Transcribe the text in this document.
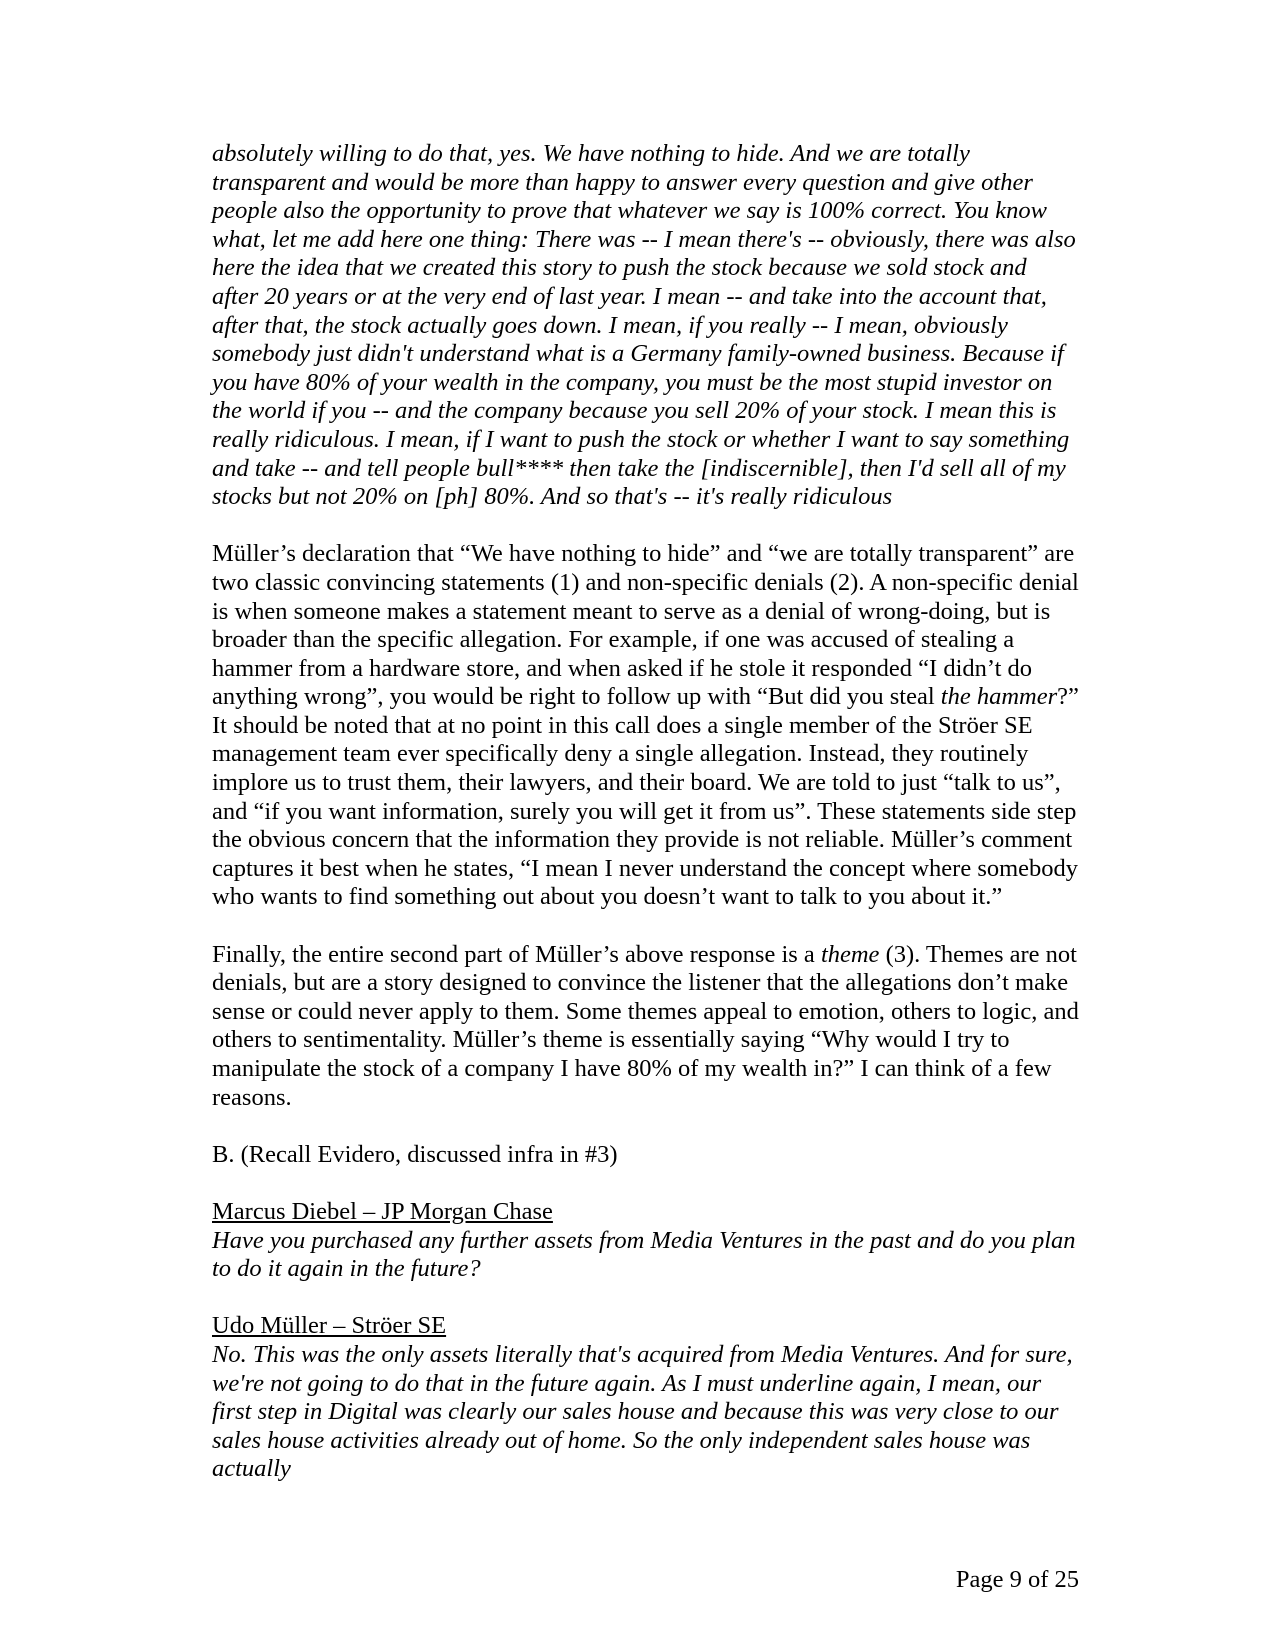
absolutely willing to do that, yes. We have nothing to hide. And we are totally transparent and would be more than happy to answer every question and give other people also the opportunity to prove that whatever we say is 100% correct. You know what, let me add here one thing: There was -- I mean there's -- obviously, there was also here the idea that we created this story to push the stock because we sold stock and after 20 years or at the very end of last year. I mean -- and take into the account that, after that, the stock actually goes down. I mean, if you really -- I mean, obviously somebody just didn't understand what is a Germany family-owned business. Because if you have 80% of your wealth in the company, you must be the most stupid investor on the world if you -- and the company because you sell 20% of your stock. I mean this is really ridiculous. I mean, if I want to push the stock or whether I want to say something and take -- and tell people bull**** then take the [indiscernible], then I'd sell all of my stocks but not 20% on [ph] 80%. And so that's -- it's really ridiculous

Müller’s declaration that “We have nothing to hide” and “we are totally transparent” are two classic convincing statements (1) and non-specific denials (2). A non-specific denial is when someone makes a statement meant to serve as a denial of wrong-doing, but is broader than the specific allegation. For example, if one was accused of stealing a hammer from a hardware store, and when asked if he stole it responded “I didn’t do anything wrong”, you would be right to follow up with “But did you steal the hammer?” It should be noted that at no point in this call does a single member of the Ströer SE management team ever specifically deny a single allegation. Instead, they routinely implore us to trust them, their lawyers, and their board. We are told to just “talk to us”, and “if you want information, surely you will get it from us”. These statements side step the obvious concern that the information they provide is not reliable. Müller’s comment captures it best when he states, “I mean I never understand the concept where somebody who wants to find something out about you doesn’t want to talk to you about it.”

Finally, the entire second part of Müller’s above response is a theme (3). Themes are not denials, but are a story designed to convince the listener that the allegations don’t make sense or could never apply to them. Some themes appeal to emotion, others to logic, and others to sentimentality. Müller’s theme is essentially saying “Why would I try to manipulate the stock of a company I have 80% of my wealth in?” I can think of a few reasons.

B. (Recall Evidero, discussed infra in #3)

Marcus Diebel – JP Morgan Chase

Have you purchased any further assets from Media Ventures in the past and do you plan to do it again in the future?

Udo Müller – Ströer SE

No. This was the only assets literally that's acquired from Media Ventures. And for sure, we're not going to do that in the future again. As I must underline again, I mean, our first step in Digital was clearly our sales house and because this was very close to our sales house activities already out of home. So the only independent sales house was actually

Page 9 of 25
